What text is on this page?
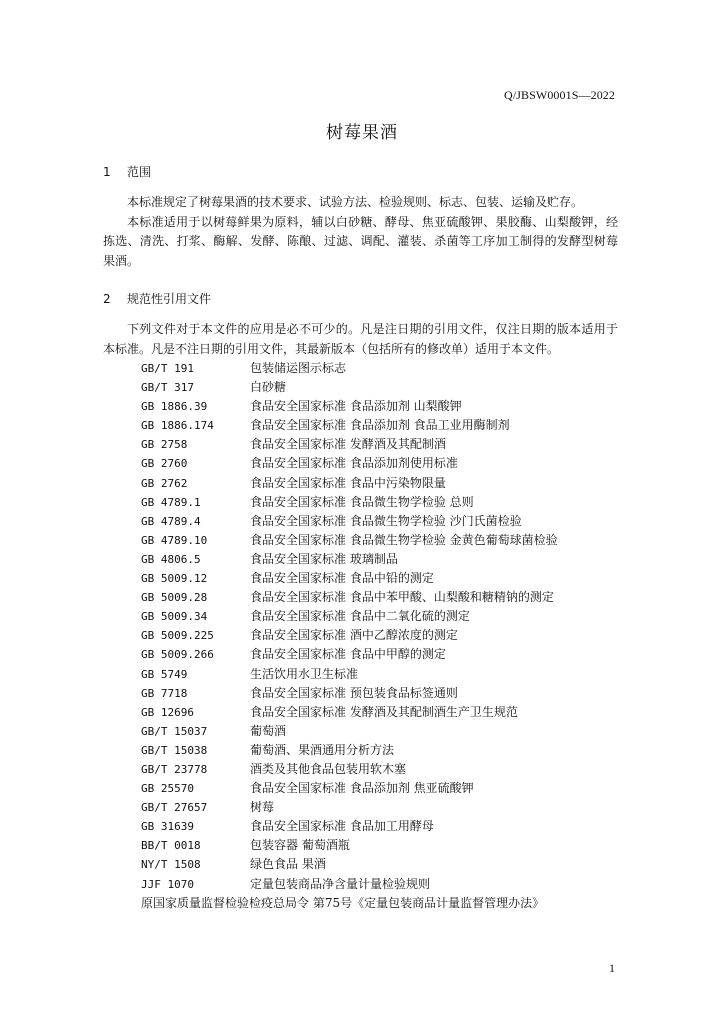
Q/JBSW0001S—2022
树莓果酒
1 范围

本标准规定了树莓果酒的技术要求、试验方法、检验规则、标志、包装、运输及贮存。

本标准适用于以树莓鲜果为原料，辅以白砂糖、酵母、焦亚硫酸钾、果胶酶、山梨酸钾，经拣选、清洗、打浆、酶解、发酵、陈酿、过滤、调配、灌装、杀菌等工序加工制得的发酵型树莓果酒。

2 规范性引用文件

下列文件对于本文件的应用是必不可少的。凡是注日期的引用文件，仅注日期的版本适用于本标准。凡是不注日期的引用文件，其最新版本（包括所有的修改单）适用于本文件。

GB/T 191	包装储运图示标志
GB/T 317	白砂糖
GB 1886.39	食品安全国家标准 食品添加剂 山梨酸钾
GB 1886.174	食品安全国家标准 食品添加剂 食品工业用酶制剂
GB 2758	食品安全国家标准 发酵酒及其配制酒
GB 2760	食品安全国家标准 食品添加剂使用标准
GB 2762	食品安全国家标准 食品中污染物限量
GB 4789.1	食品安全国家标准 食品微生物学检验 总则
GB 4789.4	食品安全国家标准 食品微生物学检验 沙门氏菌检验
GB 4789.10	食品安全国家标准 食品微生物学检验 金黄色葡萄球菌检验
GB 4806.5	食品安全国家标准 玻璃制品
GB 5009.12	食品安全国家标准 食品中铅的测定
GB 5009.28	食品安全国家标准 食品中苯甲酸、山梨酸和糖精钠的测定
GB 5009.34	食品安全国家标准 食品中二氧化硫的测定
GB 5009.225	食品安全国家标准 酒中乙醇浓度的测定
GB 5009.266	食品安全国家标准 食品中甲醇的测定
GB 5749	生活饮用水卫生标准
GB 7718	食品安全国家标准 预包装食品标签通则
GB 12696	食品安全国家标准 发酵酒及其配制酒生产卫生规范
GB/T 15037	葡萄酒
GB/T 15038	葡萄酒、果酒通用分析方法
GB/T 23778	酒类及其他食品包装用软木塞
GB 25570	食品安全国家标准 食品添加剂 焦亚硫酸钾
GB/T 27657	树莓
GB 31639	食品安全国家标准 食品加工用酵母
BB/T 0018	包装容器 葡萄酒瓶
NY/T 1508	绿色食品 果酒
JJF 1070	定量包装商品净含量计量检验规则
原国家质量监督检验检疫总局令 第75号《定量包装商品计量监督管理办法》
1
